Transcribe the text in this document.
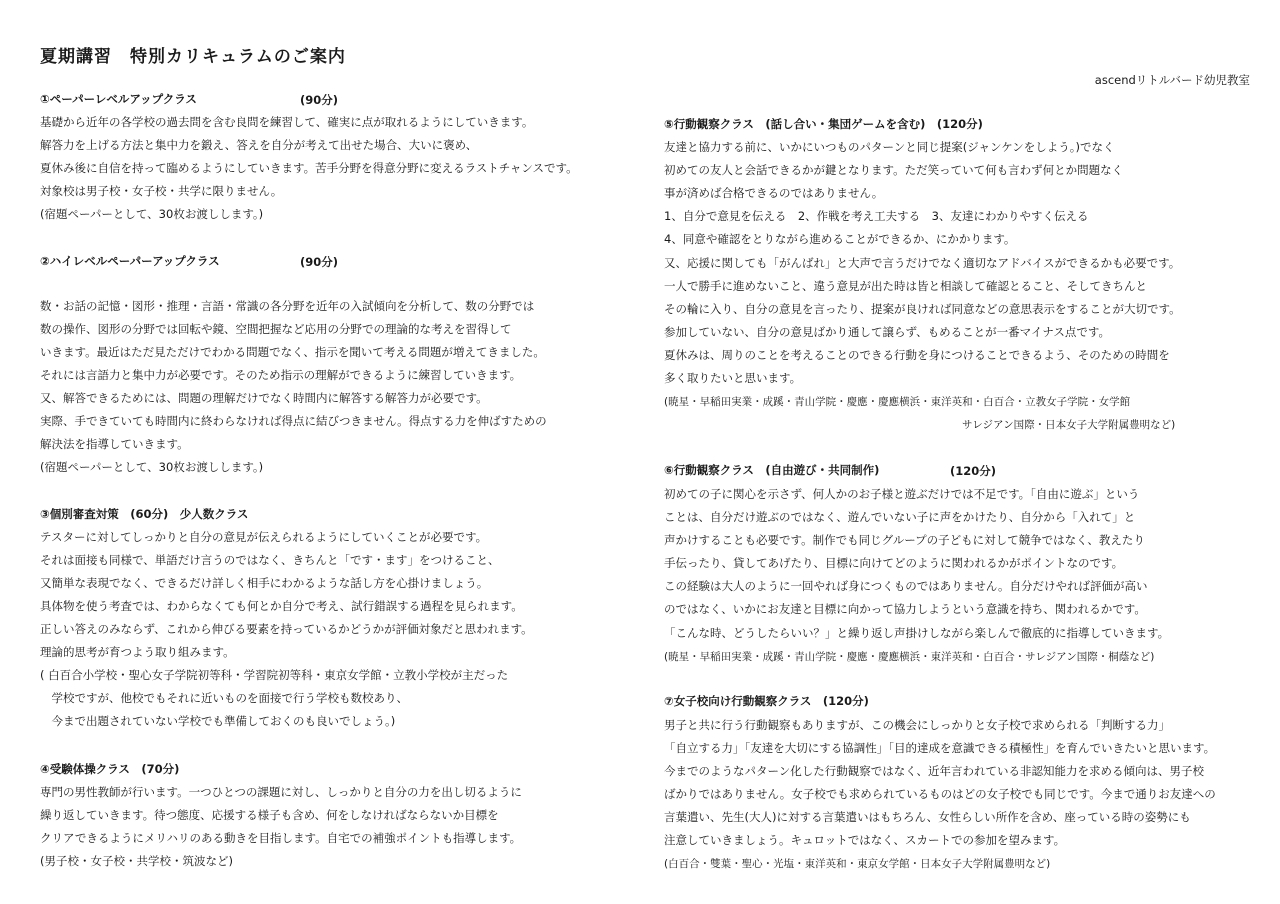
夏期講習　特別カリキュラムのご案内
ascendリトルバード幼児教室
①ペーパーレベルアップクラス	(90分)
基礎から近年の各学校の過去問を含む良問を練習して、確実に点が取れるようにしていきます。
解答力を上げる方法と集中力を鍛え、答えを自分が考えて出せた場合、大いに褒め、
夏休み後に自信を持って臨めるようにしていきます。苦手分野を得意分野に変えるラストチャンスです。
対象校は男子校・女子校・共学に限りません。
(宿題ペーパーとして、30枚お渡しします。)
②ハイレベルペーパーアップクラス	(90分)
数・お話の記憶・図形・推理・言語・常識の各分野を近年の入試傾向を分析して、数の分野では
数の操作、図形の分野では回転や鏡、空間把握など応用の分野での理論的な考えを習得して
いきます。最近はただ見ただけでわかる問題でなく、指示を聞いて考える問題が増えてきました。
それには言語力と集中力が必要です。そのため指示の理解ができるように練習していきます。
又、解答できるためには、問題の理解だけでなく時間内に解答する解答力が必要です。
実際、手できていても時間内に終わらなければ得点に結びつきません。得点する力を伸ばすための
解決法を指導していきます。
(宿題ペーパーとして、30枚お渡しします。)
③個別審査対策　(60分)　少人数クラス
テスターに対してしっかりと自分の意見が伝えられるようにしていくことが必要です。
それは面接も同様で、単語だけ言うのではなく、きちんと「です・ます」をつけること、
又簡単な表現でなく、できるだけ詳しく相手にわかるような話し方を心掛けましょう。
具体物を使う考査では、わからなくても何とか自分で考え、試行錯誤する過程を見られます。
正しい答えのみならず、これから伸びる要素を持っているかどうかが評価対象だと思われます。
理論的思考が育つよう取り組みます。
( 白百合小学校・聖心女子学院初等科・学習院初等科・東京女学館・立教小学校が主だった
　学校ですが、他校でもそれに近いものを面接で行う学校も数校あり、
　今まで出題されていない学校でも準備しておくのも良いでしょう。)
④受験体操クラス　(70分)
専門の男性教師が行います。一つひとつの課題に対し、しっかりと自分の力を出し切るように
繰り返していきます。待つ態度、応援する様子も含め、何をしなければならないか目標を
クリアできるようにメリハリのある動きを目指します。自宅での補強ポイントも指導します。
(男子校・女子校・共学校・筑波など)
⑤行動観察クラス　(話し合い・集団ゲームを含む)　(120分)
友達と協力する前に、いかにいつものパターンと同じ提案(ジャンケンをしよう。)でなく
初めての友人と会話できるかが鍵となります。ただ笑っていて何も言わず何とか問題なく
事が済めば合格できるのではありません。
1、自分で意見を伝える　2、作戦を考え工夫する　3、友達にわかりやすく伝える
4、同意や確認をとりながら進めることができるか、にかかります。
又、応援に関しても「がんばれ」と大声で言うだけでなく適切なアドバイスができるかも必要です。
一人で勝手に進めないこと、違う意見が出た時は皆と相談して確認とること、そしてきちんと
その輪に入り、自分の意見を言ったり、提案が良ければ同意などの意思表示をすることが大切です。
参加していない、自分の意見ばかり通して譲らず、もめることが一番マイナス点です。
夏休みは、周りのことを考えることのできる行動を身につけることできるよう、そのための時間を
多く取りたいと思います。
(暁星・早稲田実業・成蹊・青山学院・慶應・慶應横浜・東洋英和・白百合・立教女子学院・女学館
サレジアン国際・日本女子大学附属豊明など)
⑥行動観察クラス　(自由遊び・共同制作)	(120分)
初めての子に関心を示さず、何人かのお子様と遊ぶだけでは不足です。「自由に遊ぶ」という
ことは、自分だけ遊ぶのではなく、遊んでいない子に声をかけたり、自分から「入れて」と
声かけすることも必要です。制作でも同じグループの子どもに対して競争ではなく、教えたり
手伝ったり、貸してあげたり、目標に向けてどのように関われるかがポイントなのです。
この経験は大人のように一回やれば身につくものではありません。自分だけやれば評価が高い
のではなく、いかにお友達と目標に向かって協力しようという意識を持ち、関われるかです。
「こんな時、どうしたらいい？」と繰り返し声掛けしながら楽しんで徹底的に指導していきます。
(暁星・早稲田実業・成蹊・青山学院・慶應・慶應横浜・東洋英和・白百合・サレジアン国際・桐蔭など)
⑦女子校向け行動観察クラス　(120分)
男子と共に行う行動観察もありますが、この機会にしっかりと女子校で求められる「判断する力」
「自立する力」「友達を大切にする協調性」「目的達成を意識できる積極性」を育んでいきたいと思います。
今までのようなパターン化した行動観察ではなく、近年言われている非認知能力を求める傾向は、男子校
ばかりではありません。女子校でも求められているものはどの女子校でも同じです。今まで通りお友達への
言葉遣い、先生(大人)に対する言葉遣いはもちろん、女性らしい所作を含め、座っている時の姿勢にも
注意していきましょう。キュロットではなく、スカートでの参加を望みます。
(白百合・雙葉・聖心・光塩・東洋英和・東京女学館・日本女子大学附属豊明など)
